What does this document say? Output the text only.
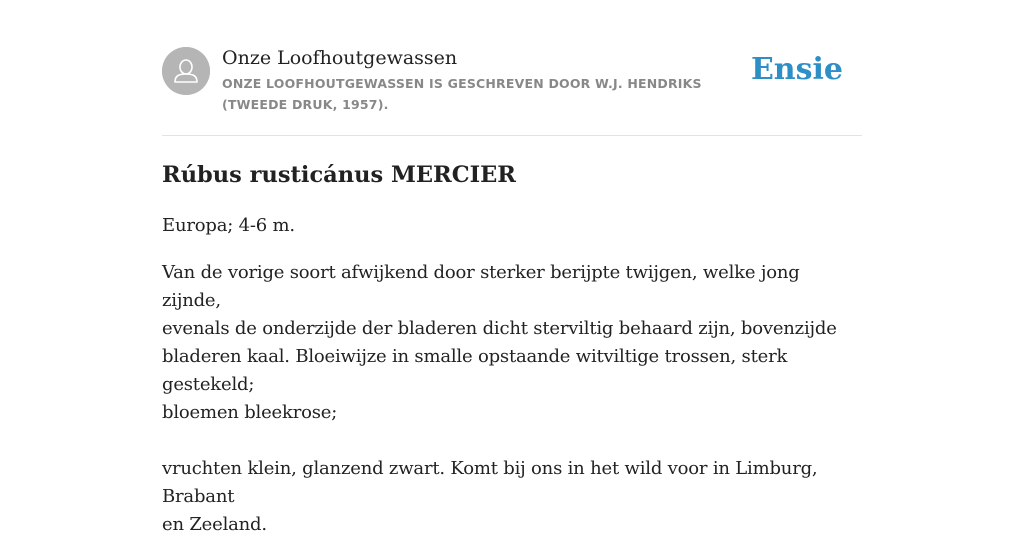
Onze Loofhoutgewassen
ONZE LOOFHOUTGEWASSEN IS GESCHREVEN DOOR W.J. HENDRIKS (TWEEDE DRUK, 1957).
Ensie
Rúbus rusticánus MERCIER

Europa; 4-6 m.

Van de vorige soort afwijkend door sterker berijpte twijgen, welke jong zijnde,
evenals de onderzijde der bladeren dicht sterviltig behaard zijn, bovenzijde
bladeren kaal. Bloeiwijze in smalle opstaande witviltige trossen, sterk gestekeld;
bloemen bleekrose;

vruchten klein, glanzend zwart. Komt bij ons in het wild voor in Limburg, Brabant
en Zeeland.
